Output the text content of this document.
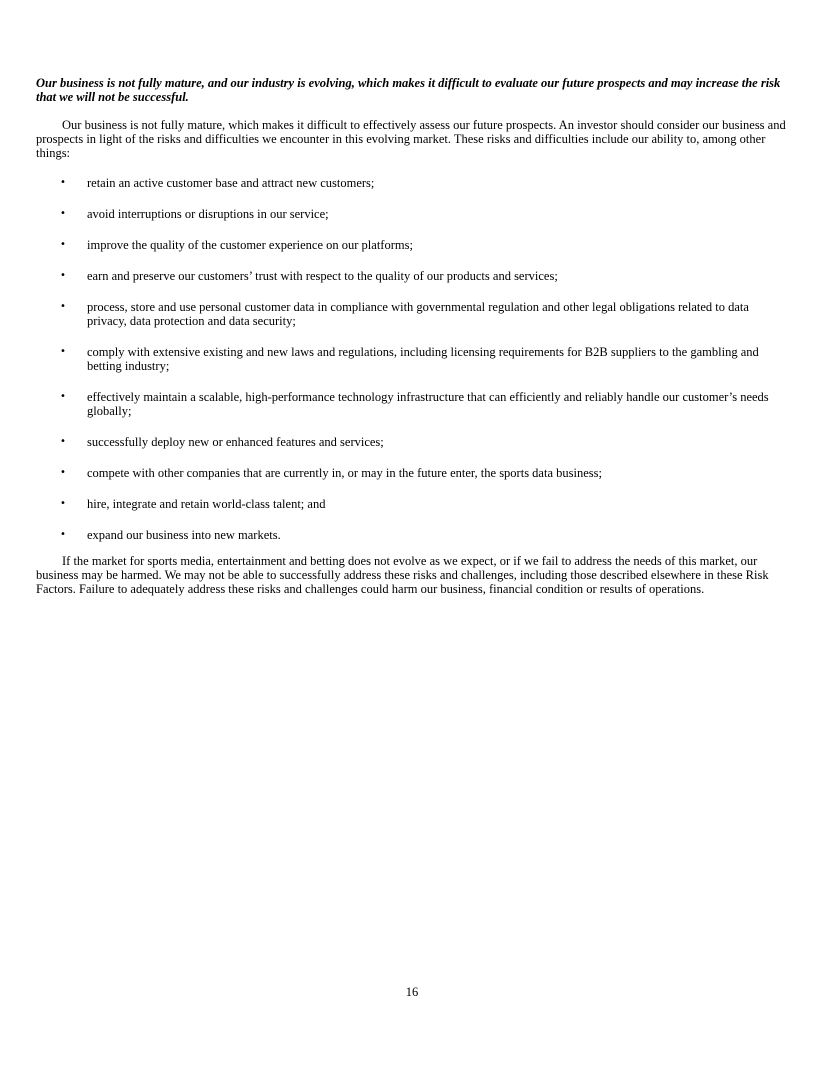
Our business is not fully mature, and our industry is evolving, which makes it difficult to evaluate our future prospects and may increase the risk that we will not be successful.

Our business is not fully mature, which makes it difficult to effectively assess our future prospects. An investor should consider our business and prospects in light of the risks and difficulties we encounter in this evolving market. These risks and difficulties include our ability to, among other things:

• retain an active customer base and attract new customers;
• avoid interruptions or disruptions in our service;
• improve the quality of the customer experience on our platforms;
• earn and preserve our customers’ trust with respect to the quality of our products and services;
• process, store and use personal customer data in compliance with governmental regulation and other legal obligations related to data privacy, data protection and data security;
• comply with extensive existing and new laws and regulations, including licensing requirements for B2B suppliers to the gambling and betting industry;
• effectively maintain a scalable, high-performance technology infrastructure that can efficiently and reliably handle our customer’s needs globally;
• successfully deploy new or enhanced features and services;
• compete with other companies that are currently in, or may in the future enter, the sports data business;
• hire, integrate and retain world-class talent; and
• expand our business into new markets.

If the market for sports media, entertainment and betting does not evolve as we expect, or if we fail to address the needs of this market, our business may be harmed. We may not be able to successfully address these risks and challenges, including those described elsewhere in these Risk Factors. Failure to adequately address these risks and challenges could harm our business, financial condition or results of operations.

16
